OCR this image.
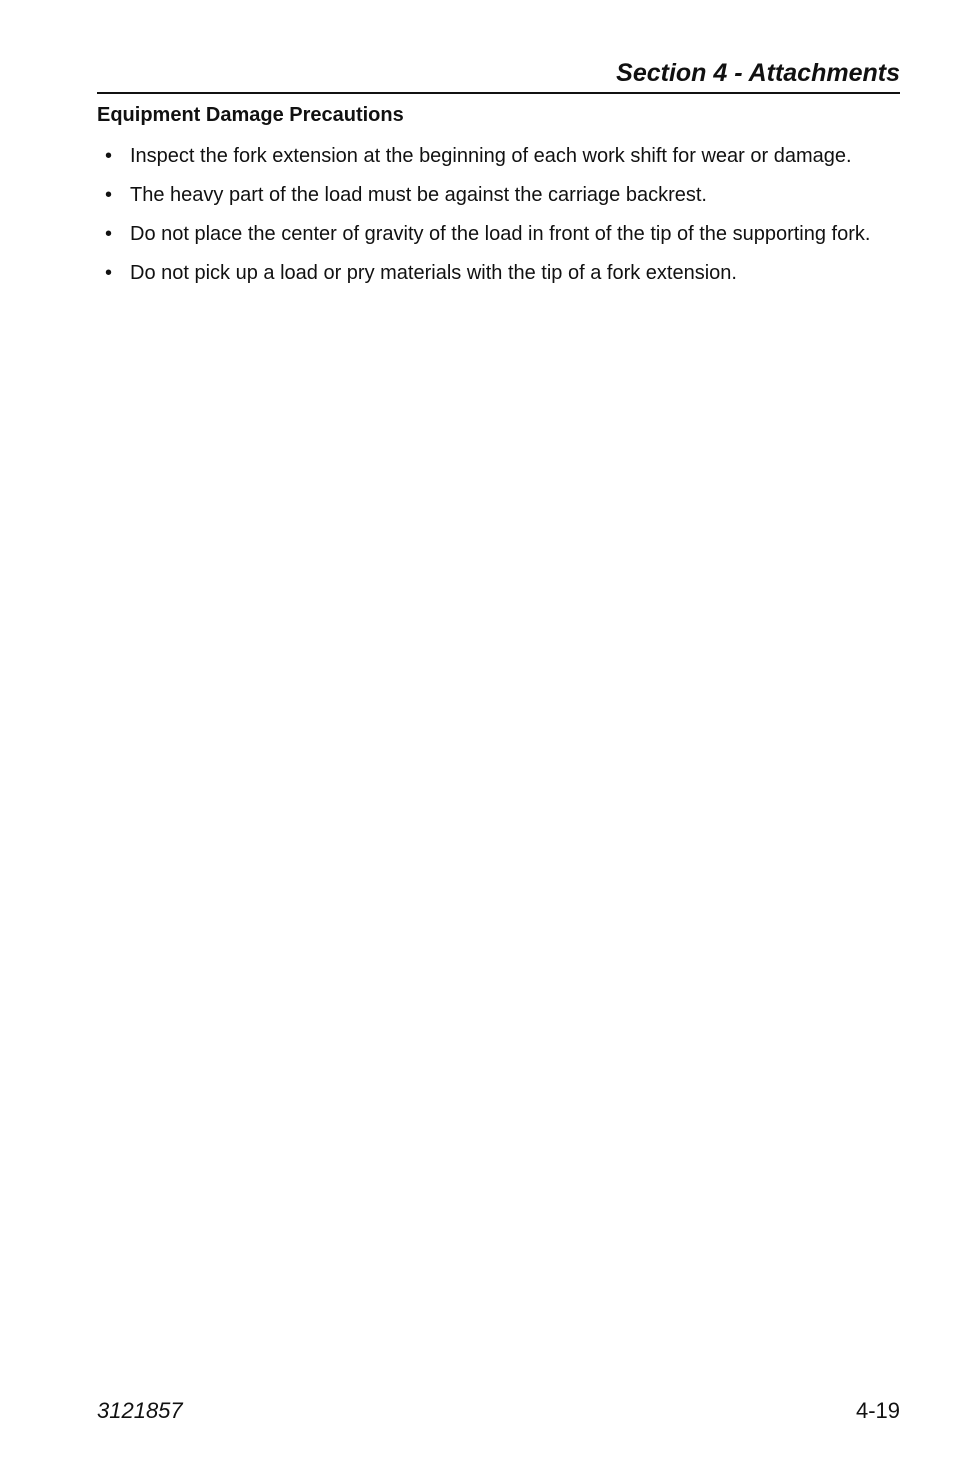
Section 4 - Attachments
Equipment Damage Precautions
• Inspect the fork extension at the beginning of each work shift for wear or damage.
• The heavy part of the load must be against the carriage backrest.
• Do not place the center of gravity of the load in front of the tip of the supporting fork.
• Do not pick up a load or pry materials with the tip of a fork extension.

3121857	4-19
